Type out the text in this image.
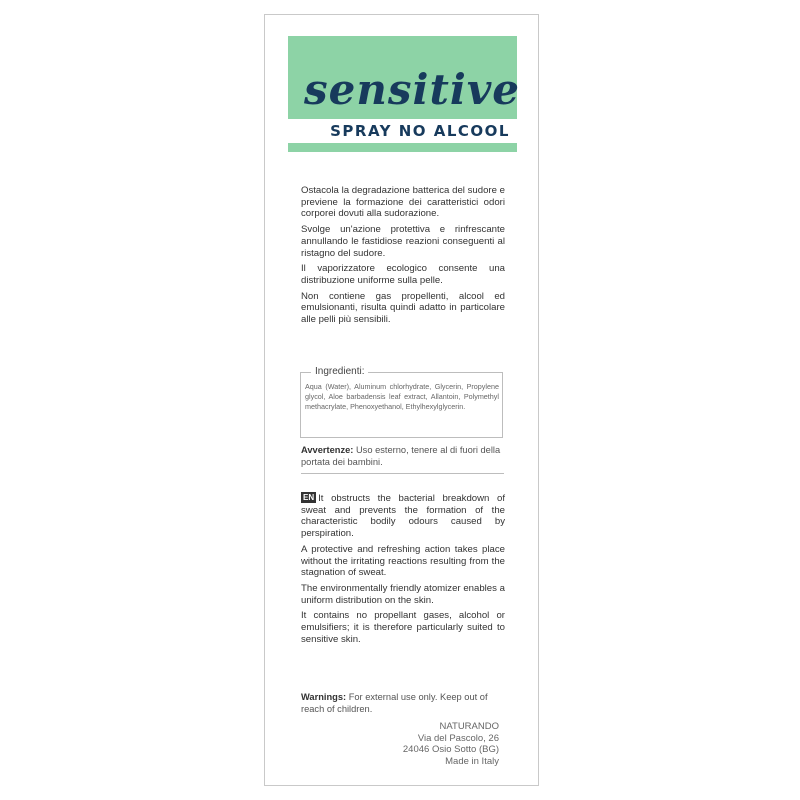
sensitive
SPRAY NO ALCOOL

Ostacola la degradazione batterica del sudore e previene la formazione dei caratteristici odori corporei dovuti alla sudorazione.

Svolge un'azione protettiva e rinfrescante annullando le fastidiose reazioni conseguenti al ristagno del sudore.

Il vaporizzatore ecologico consente una distribuzione uniforme sulla pelle.

Non contiene gas propellenti, alcool ed emulsionanti, risulta quindi adatto in particolare alle pelli più sensibili.

Ingredienti:
Aqua (Water), Aluminum chlorhydrate, Glycerin, Propylene glycol, Aloe barbadensis leaf extract, Allantoin, Polymethyl methacrylate, Phenoxyethanol, Ethylhexylglycerin.
Avvertenze: Uso esterno, tenere al di fuori della portata dei bambini.

EN It obstructs the bacterial breakdown of sweat and prevents the formation of the characteristic bodily odours caused by perspiration.

A protective and refreshing action takes place without the irritating reactions resulting from the stagnation of sweat.

The environmentally friendly atomizer enables a uniform distribution on the skin.

It contains no propellant gases, alcohol or emulsifiers; it is therefore particularly suited to sensitive skin.

Warnings: For external use only. Keep out of reach of children.
NATURANDO
Via del Pascolo, 26
24046 Osio Sotto (BG)
Made in Italy
